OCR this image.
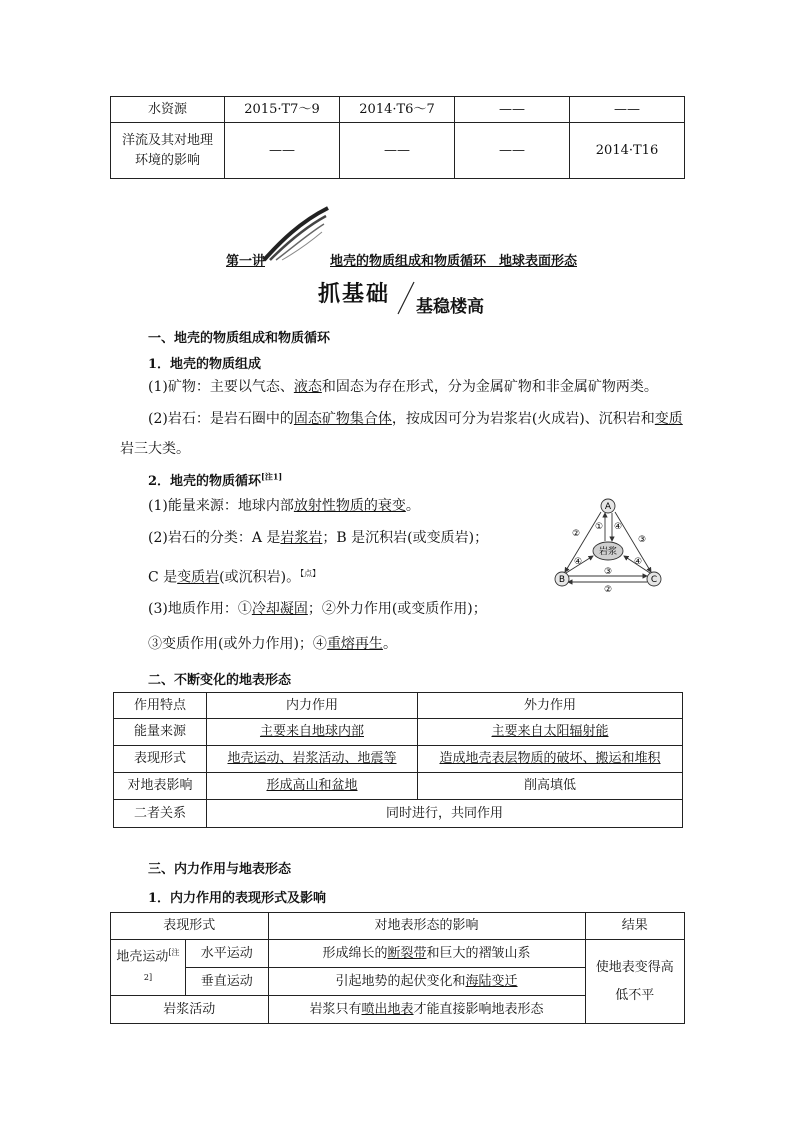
水资源	2015·T7～9	2014·T6～7	——	——
洋流及其对地理环境的影响	——	——	——	2014·T16
第一讲	地壳的物质组成和物质循环　地球表面形态
抓基础 基稳楼高
一、地壳的物质组成和物质循环
1．地壳的物质组成
(1)矿物：主要以气态、液态和固态为存在形式，分为金属矿物和非金属矿物两类。
(2)岩石：是岩石圈中的固态矿物集合体，按成因可分为岩浆岩(火成岩)、沉积岩和变质岩三大类。
2．地壳的物质循环[注1]
(1)能量来源：地球内部放射性物质的衰变。
(2)岩石的分类：A 是岩浆岩；B 是沉积岩(或变质岩)；
C 是变质岩(或沉积岩)。$^{【点】}$
(3)地质作用：①冷却凝固；②外力作用(或变质作用)；
③变质作用(或外力作用)；④重熔再生。
A
B	C
岩浆
① ④
②
③
④	④
③
②
二、不断变化的地表形态
作用特点	内力作用	外力作用
能量来源	主要来自地球内部	主要来自太阳辐射能
表现形式	地壳运动、岩浆活动、地震等	造成地壳表层物质的破坏、搬运和堆积
对地表影响	形成高山和盆地	削高填低
二者关系	同时进行，共同作用	
三、内力作用与地表形态
1．内力作用的表现形式及影响
表现形式		对地表形态的影响	结果
地壳运动[注2]	水平运动	形成绵长的断裂带和巨大的褶皱山系	使地表变得高低不平
	垂直运动	引起地势的起伏变化和海陆变迁	
岩浆活动		岩浆只有喷出地表才能直接影响地表形态	
